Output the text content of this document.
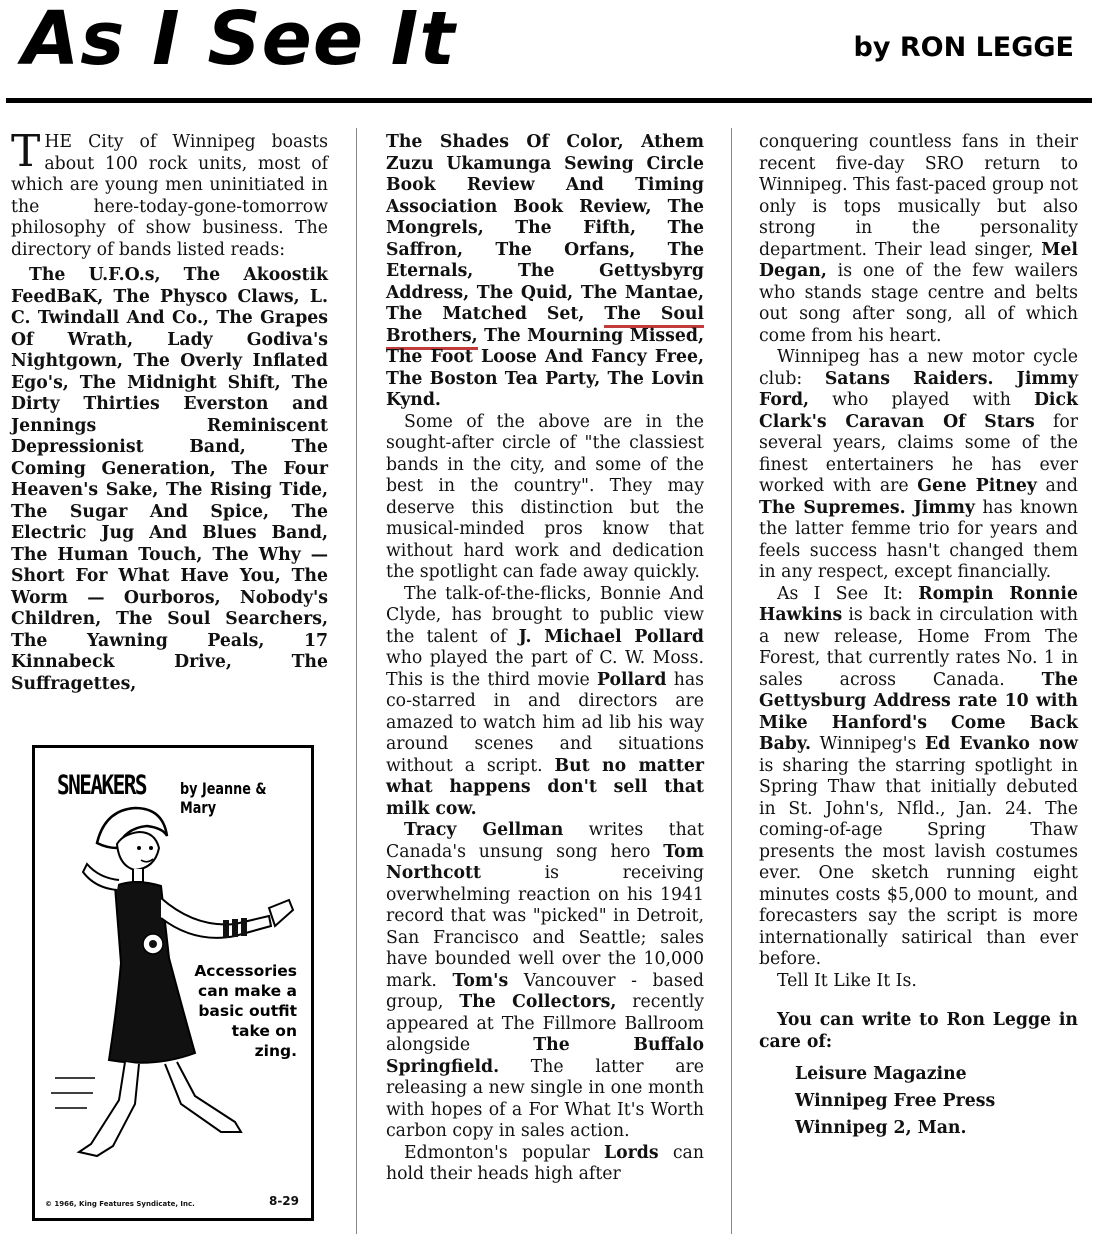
As I See It	by RON LEGGE

THE City of Winnipeg boasts about 100 rock units, most of which are young men uninitiated in the here-today-gone-tomorrow philosophy of show business. The directory of bands listed reads:

The U.F.O.s, The Akoostik FeedBaK, The Physco Claws, L. C. Twindall And Co., The Grapes Of Wrath, Lady Godiva's Nightgown, The Overly Inflated Ego's, The Midnight Shift, The Dirty Thirties Everston and Jennings Reminiscent Depressionist Band, The Coming Generation, The Four Heaven's Sake, The Rising Tide, The Sugar And Spice, The Electric Jug And Blues Band, The Human Touch, The Why — Short For What Have You, The Worm — Ourboros, Nobody's Children, The Soul Searchers, The Yawning Peals, 17 Kinnabeck Drive, The Suffragettes,

SNEAKERS by Jeanne & Mary
Accessories can make a basic outfit take on zing.
© 1966, King Features Syndicate, Inc.	8-29

The Shades Of Color, Athem Zuzu Ukamunga Sewing Circle Book Review And Timing Association Book Review, The Mongrels, The Fifth, The Saffron, The Orfans, The Eternals, The Gettysbyrg Address, The Quid, The Mantae, The Matched Set, The Soul Brothers, The Mourning Missed, The Foot Loose And Fancy Free, The Boston Tea Party, The Lovin Kynd.

Some of the above are in the sought-after circle of "the classiest bands in the city, and some of the best in the country". They may deserve this distinction but the musical-minded pros know that without hard work and dedication the spotlight can fade away quickly.

The talk-of-the-flicks, Bonnie And Clyde, has brought to public view the talent of J. Michael Pollard who played the part of C. W. Moss. This is the third movie Pollard has co-starred in and directors are amazed to watch him ad lib his way around scenes and situations without a script. But no matter what happens don't sell that milk cow.

Tracy Gellman writes that Canada's unsung song hero Tom Northcott is receiving overwhelming reaction on his 1941 record that was "picked" in Detroit, San Francisco and Seattle; sales have bounded well over the 10,000 mark. Tom's Vancouver - based group, The Collectors, recently appeared at The Fillmore Ballroom alongside The Buffalo Springfield. The latter are releasing a new single in one month with hopes of a For What It's Worth carbon copy in sales action.

Edmonton's popular Lords can hold their heads high after

conquering countless fans in their recent five-day SRO return to Winnipeg. This fast-paced group not only is tops musically but also strong in the personality department. Their lead singer, Mel Degan, is one of the few wailers who stands stage centre and belts out song after song, all of which come from his heart.

Winnipeg has a new motor cycle club: Satans Raiders. Jimmy Ford, who played with Dick Clark's Caravan Of Stars for several years, claims some of the finest entertainers he has ever worked with are Gene Pitney and The Supremes. Jimmy has known the latter femme trio for years and feels success hasn't changed them in any respect, except financially.

As I See It: Rompin Ronnie Hawkins is back in circulation with a new release, Home From The Forest, that currently rates No. 1 in sales across Canada. The Gettysburg Address rate 10 with Mike Hanford's Come Back Baby. Winnipeg's Ed Evanko now is sharing the starring spotlight in Spring Thaw that initially debuted in St. John's, Nfld., Jan. 24. The coming-of-age Spring Thaw presents the most lavish costumes ever. One sketch running eight minutes costs $5,000 to mount, and forecasters say the script is more internationally satirical than ever before.

Tell It Like It Is.

You can write to Ron Legge in care of:

Leisure Magazine
Winnipeg Free Press
Winnipeg 2, Man.
